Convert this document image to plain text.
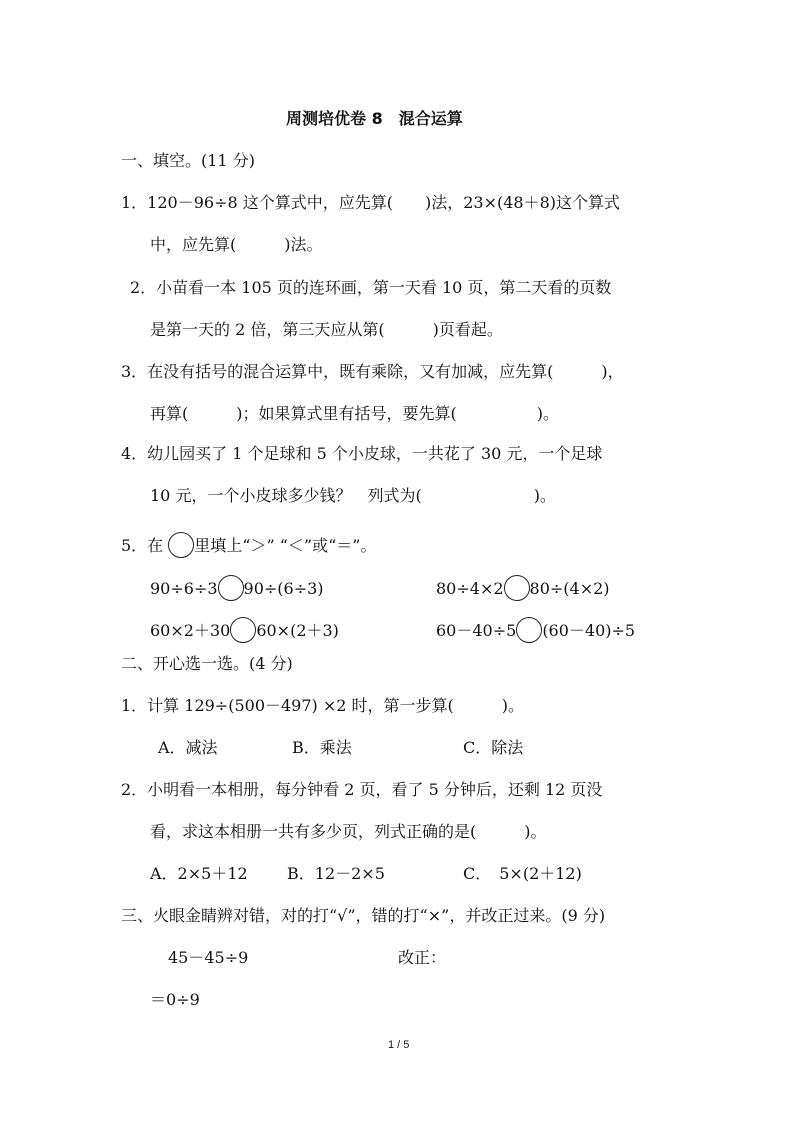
周测培优卷 8　混合运算
一、填空。(11 分)
1．120－96÷8 这个算式中，应先算(　　)法，23×(48＋8)这个算式
中，应先算(　　　)法。
2．小苗看一本 105 页的连环画，第一天看 10 页，第二天看的页数
是第一天的 2 倍，第三天应从第(　　　)页看起。
3．在没有括号的混合运算中，既有乘除，又有加减，应先算(　　　)，
再算(　　　)；如果算式里有括号，要先算(　　　　　)。
4．幼儿园买了 1 个足球和 5 个小皮球，一共花了 30 元，一个足球
10 元，一个小皮球多少钱？　列式为(　　　　　　　)。
5．在 里填上“＞” “＜”或“＝”。
90÷6÷3 90÷(6÷3)	80÷4×2 80÷(4×2)
60×2＋30 60×(2＋3)	60－40÷5 (60－40)÷5
二、开心选一选。(4 分)
1．计算 129÷(500－497) ×2 时，第一步算(　　　)。
A．减法	B．乘法	C．除法
2．小明看一本相册，每分钟看 2 页，看了 5 分钟后，还剩 12 页没
看，求这本相册一共有多少页，列式正确的是(　　　)。
A．2×5＋12 B．12－2×5	C．　5×(2＋12)
三、火眼金睛辨对错，对的打“√”，错的打“×”，并改正过来。(9 分)
45－45÷9	改正：
＝0÷9
1 / 5
